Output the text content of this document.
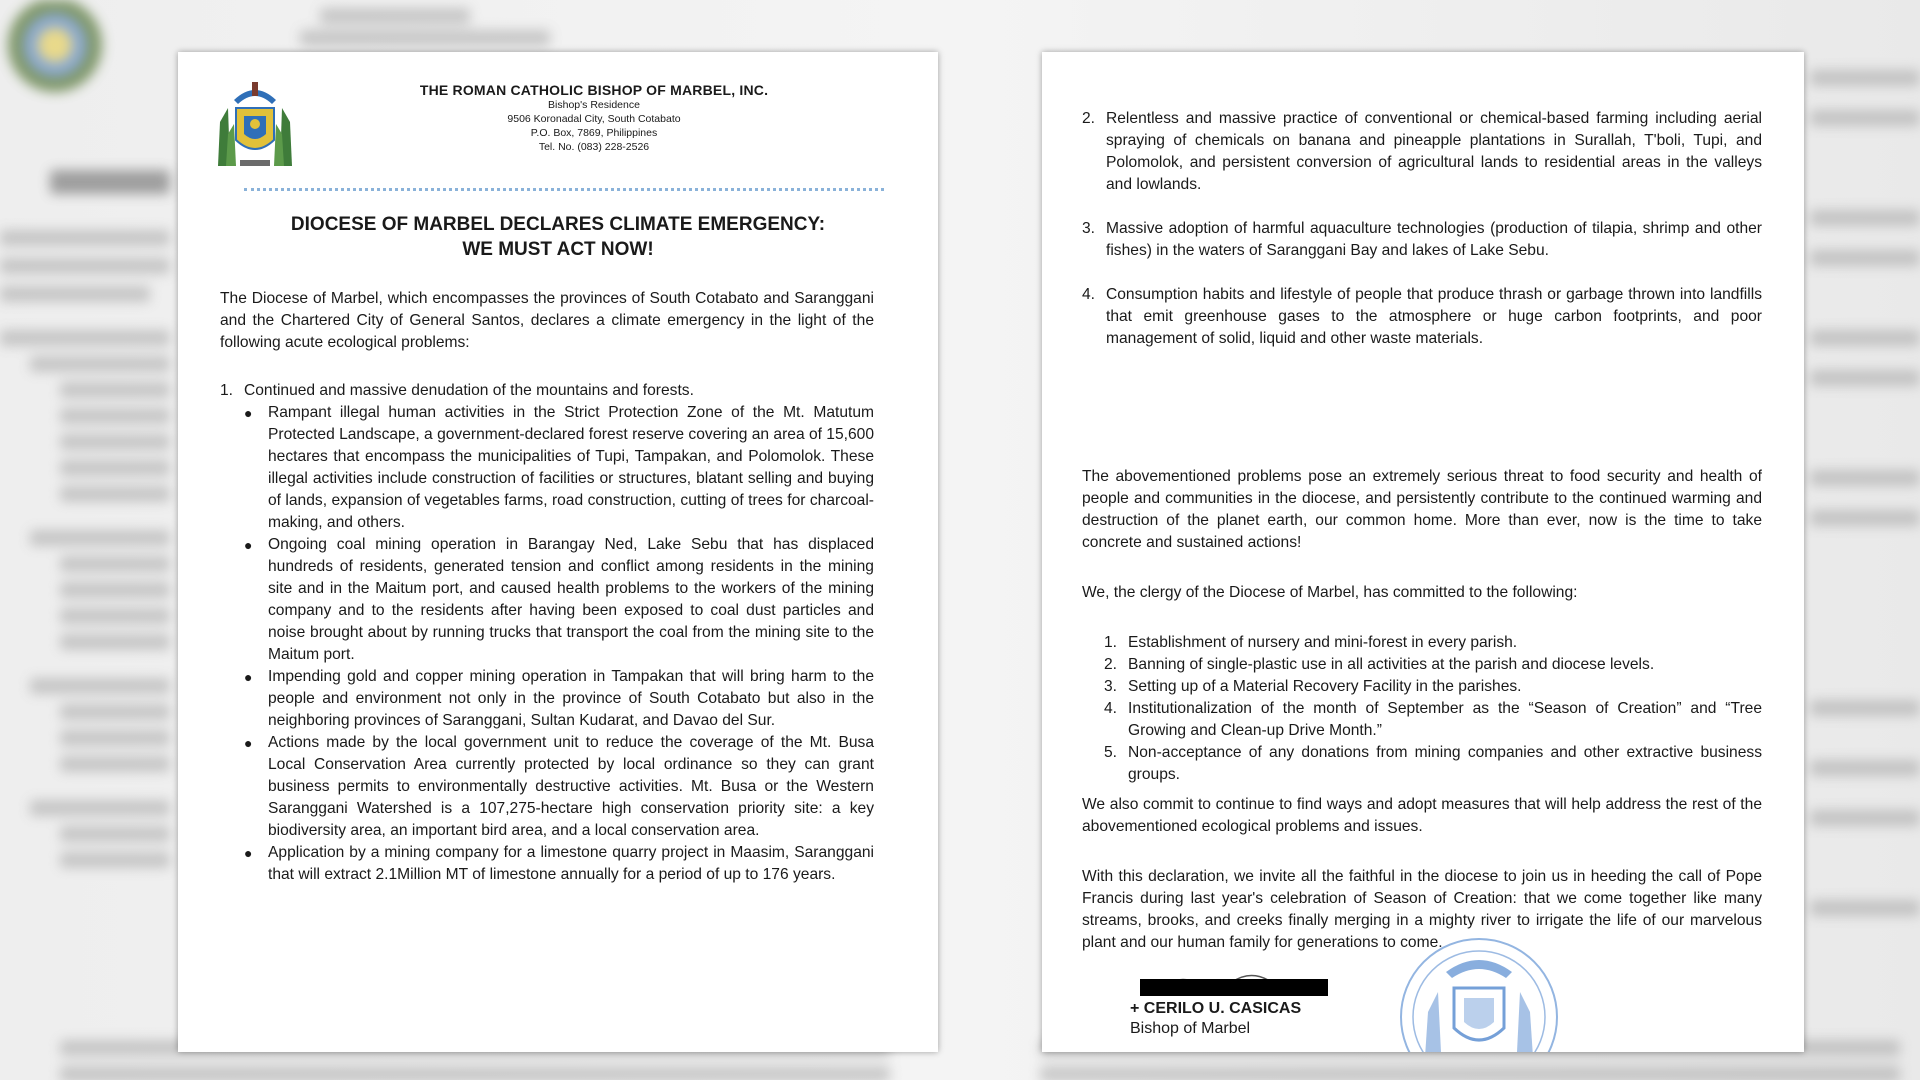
THE ROMAN CATHOLIC BISHOP OF MARBEL, INC.
Bishop's Residence
9506 Koronadal City, South Cotabato
P.O. Box, 7869, Philippines
Tel. No. (083) 228-2526
DIOCESE OF MARBEL DECLARES CLIMATE EMERGENCY:
WE MUST ACT NOW!
The Diocese of Marbel, which encompasses the provinces of South Cotabato and Saranggani and the Chartered City of General Santos, declares a climate emergency in the light of the following acute ecological problems:
1. Continued and massive denudation of the mountains and forests.
● Rampant illegal human activities in the Strict Protection Zone of the Mt. Matutum Protected Landscape, a government-declared forest reserve covering an area of 15,600 hectares that encompass the municipalities of Tupi, Tampakan, and Polomolok. These illegal activities include construction of facilities or structures, blatant selling and buying of lands, expansion of vegetables farms, road construction, cutting of trees for charcoal-making, and others.
● Ongoing coal mining operation in Barangay Ned, Lake Sebu that has displaced hundreds of residents, generated tension and conflict among residents in the mining site and in the Maitum port, and caused health problems to the workers of the mining company and to the residents after having been exposed to coal dust particles and noise brought about by running trucks that transport the coal from the mining site to the Maitum port.
● Impending gold and copper mining operation in Tampakan that will bring harm to the people and environment not only in the province of South Cotabato but also in the neighboring provinces of Saranggani, Sultan Kudarat, and Davao del Sur.
● Actions made by the local government unit to reduce the coverage of the Mt. Busa Local Conservation Area currently protected by local ordinance so they can grant business permits to environmentally destructive activities. Mt. Busa or the Western Saranggani Watershed is a 107,275-hectare high conservation priority site: a key biodiversity area, an important bird area, and a local conservation area.
● Application by a mining company for a limestone quarry project in Maasim, Saranggani that will extract 2.1Million MT of limestone annually for a period of up to 176 years.
2. Relentless and massive practice of conventional or chemical-based farming including aerial spraying of chemicals on banana and pineapple plantations in Surallah, T'boli, Tupi, and Polomolok, and persistent conversion of agricultural lands to residential areas in the valleys and lowlands.
3. Massive adoption of harmful aquaculture technologies (production of tilapia, shrimp and other fishes) in the waters of Saranggani Bay and lakes of Lake Sebu.
4. Consumption habits and lifestyle of people that produce thrash or garbage thrown into landfills that emit greenhouse gases to the atmosphere or huge carbon footprints, and poor management of solid, liquid and other waste materials.
The abovementioned problems pose an extremely serious threat to food security and health of people and communities in the diocese, and persistently contribute to the continued warming and destruction of the planet earth, our common home. More than ever, now is the time to take concrete and sustained actions!
We, the clergy of the Diocese of Marbel, has committed to the following:
1. Establishment of nursery and mini-forest in every parish.
2. Banning of single-plastic use in all activities at the parish and diocese levels.
3. Setting up of a Material Recovery Facility in the parishes.
4. Institutionalization of the month of September as the “Season of Creation” and “Tree Growing and Clean-up Drive Month.”
5. Non-acceptance of any donations from mining companies and other extractive business groups.
We also commit to continue to find ways and adopt measures that will help address the rest of the abovementioned ecological problems and issues.
With this declaration, we invite all the faithful in the diocese to join us in heeding the call of Pope Francis during last year's celebration of Season of Creation: that we come together like many streams, brooks, and creeks finally merging in a mighty river to irrigate the life of our marvelous plant and our human family for generations to come.
+ CERILO U. CASICAS
Bishop of Marbel
